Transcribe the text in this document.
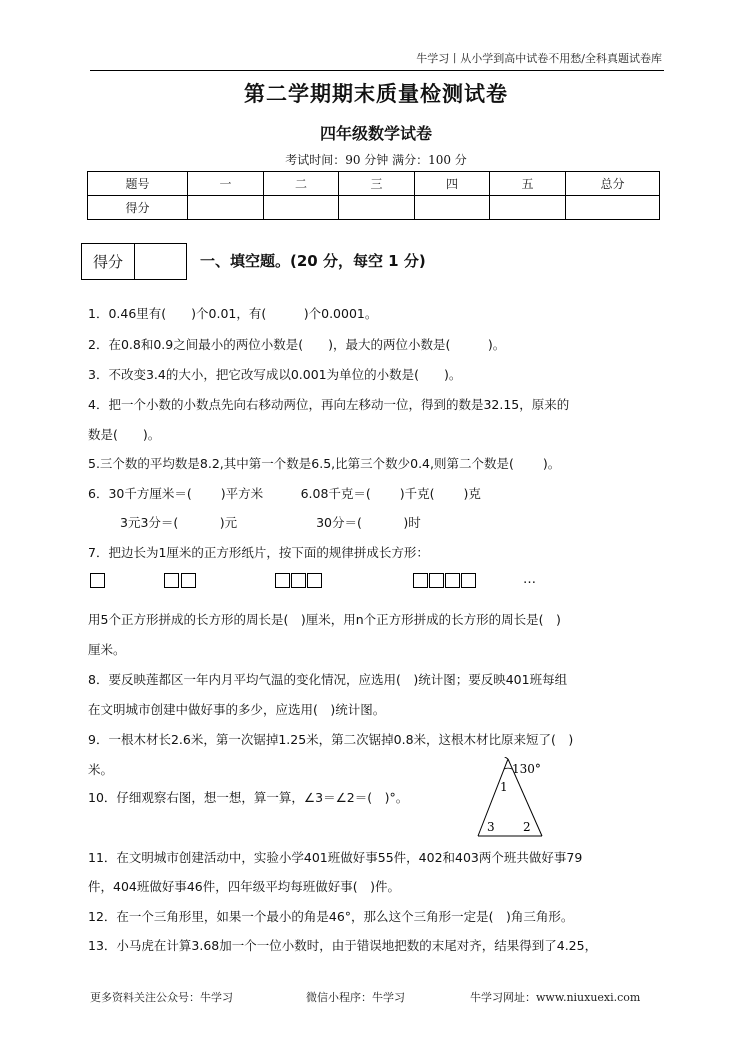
牛学习丨从小学到高中试卷不用愁/全科真题试卷库
第二学期期末质量检测试卷
四年级数学试卷
考试时间：90 分钟 满分：100 分
题号	一	二	三	四	五	总分
得分						
得分	一、填空题。(20 分，每空 1 分)
1．0.46里有(　　)个0.01，有(　　　)个0.0001。
2．在0.8和0.9之间最小的两位小数是(　　)，最大的两位小数是(　　　)。
3．不改变3.4的大小，把它改写成以0.001为单位的小数是(　　)。
4．把一个小数的小数点先向右移动两位，再向左移动一位，得到的数是32.15，原来的
数是(　　)。
5.三个数的平均数是8.2,其中第一个数是6.5,比第三个数少0.4,则第二个数是(　　 )。
6．30千方厘米＝(　　 )平方米　　　6.08千克＝(　　 )千克(　　 )克
3元3分＝(　　　 )元　　　　　　 30分＝(　　　 )时
7．把边长为1厘米的正方形纸片，按下面的规律拼成长方形：
…
用5个正方形拼成的长方形的周长是(　)厘米，用n个正方形拼成的长方形的周长是(　)
厘米。
8．要反映莲都区一年内月平均气温的变化情况，应选用(　)统计图；要反映401班每组
在文明城市创建中做好事的多少，应选用(　)统计图。
9．一根木材长2.6米，第一次锯掉1.25米，第二次锯掉0.8米，这根木材比原来短了(　)
米。
10．仔细观察右图，想一想，算一算，∠3＝∠2＝(　)°。
130°
1
2
3
11．在文明城市创建活动中，实验小学401班做好事55件，402和403两个班共做好事79
件，404班做好事46件，四年级平均每班做好事(　)件。
12．在一个三角形里，如果一个最小的角是46°，那么这个三角形一定是(　)角三角形。
13．小马虎在计算3.68加一个一位小数时，由于错误地把数的末尾对齐，结果得到了4.25，
更多资料关注公众号：牛学习	微信小程序：牛学习	牛学习网址：www.niuxuexi.com
